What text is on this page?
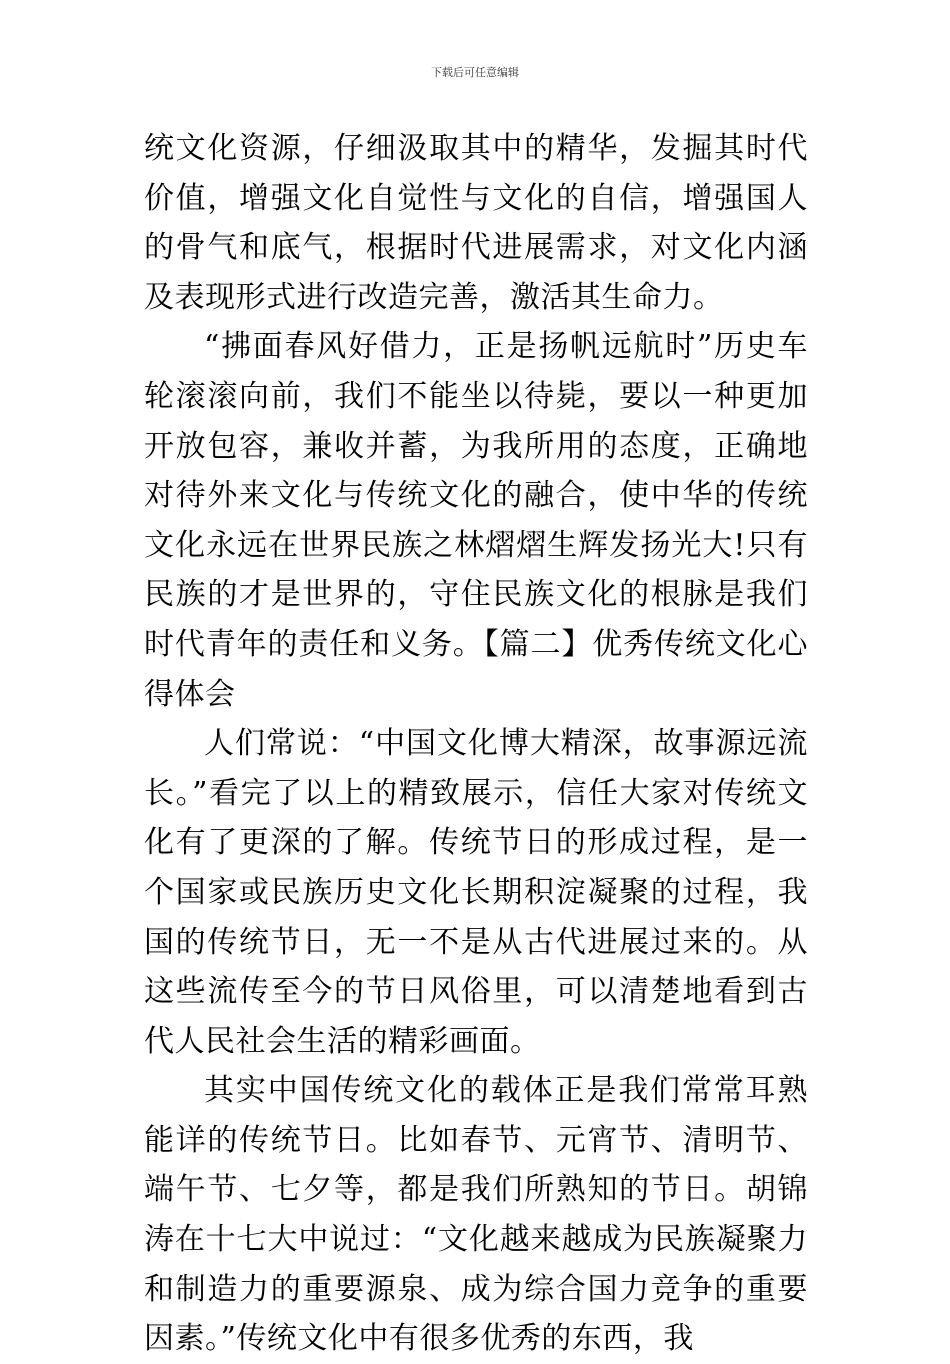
下载后可任意编辑

统文化资源，仔细汲取其中的精华，发掘其时代价值，增强文化自觉性与文化的自信，增强国人的骨气和底气，根据时代进展需求，对文化内涵及表现形式进行改造完善，激活其生命力。

“拂面春风好借力，正是扬帆远航时”历史车轮滚滚向前，我们不能坐以待毙，要以一种更加开放包容，兼收并蓄，为我所用的态度，正确地对待外来文化与传统文化的融合，使中华的传统文化永远在世界民族之林熠熠生辉发扬光大!只有民族的才是世界的，守住民族文化的根脉是我们时代青年的责任和义务。【篇二】优秀传统文化心得体会

人们常说：“中国文化博大精深，故事源远流长。”看完了以上的精致展示，信任大家对传统文化有了更深的了解。传统节日的形成过程，是一个国家或民族历史文化长期积淀凝聚的过程，我国的传统节日，无一不是从古代进展过来的。从这些流传至今的节日风俗里，可以清楚地看到古代人民社会生活的精彩画面。

其实中国传统文化的载体正是我们常常耳熟能详的传统节日。比如春节、元宵节、清明节、端午节、七夕等，都是我们所熟知的节日。胡锦涛在十七大中说过：“文化越来越成为民族凝聚力和制造力的重要源泉、成为综合国力竞争的重要因素。”传统文化中有很多优秀的东西，我
